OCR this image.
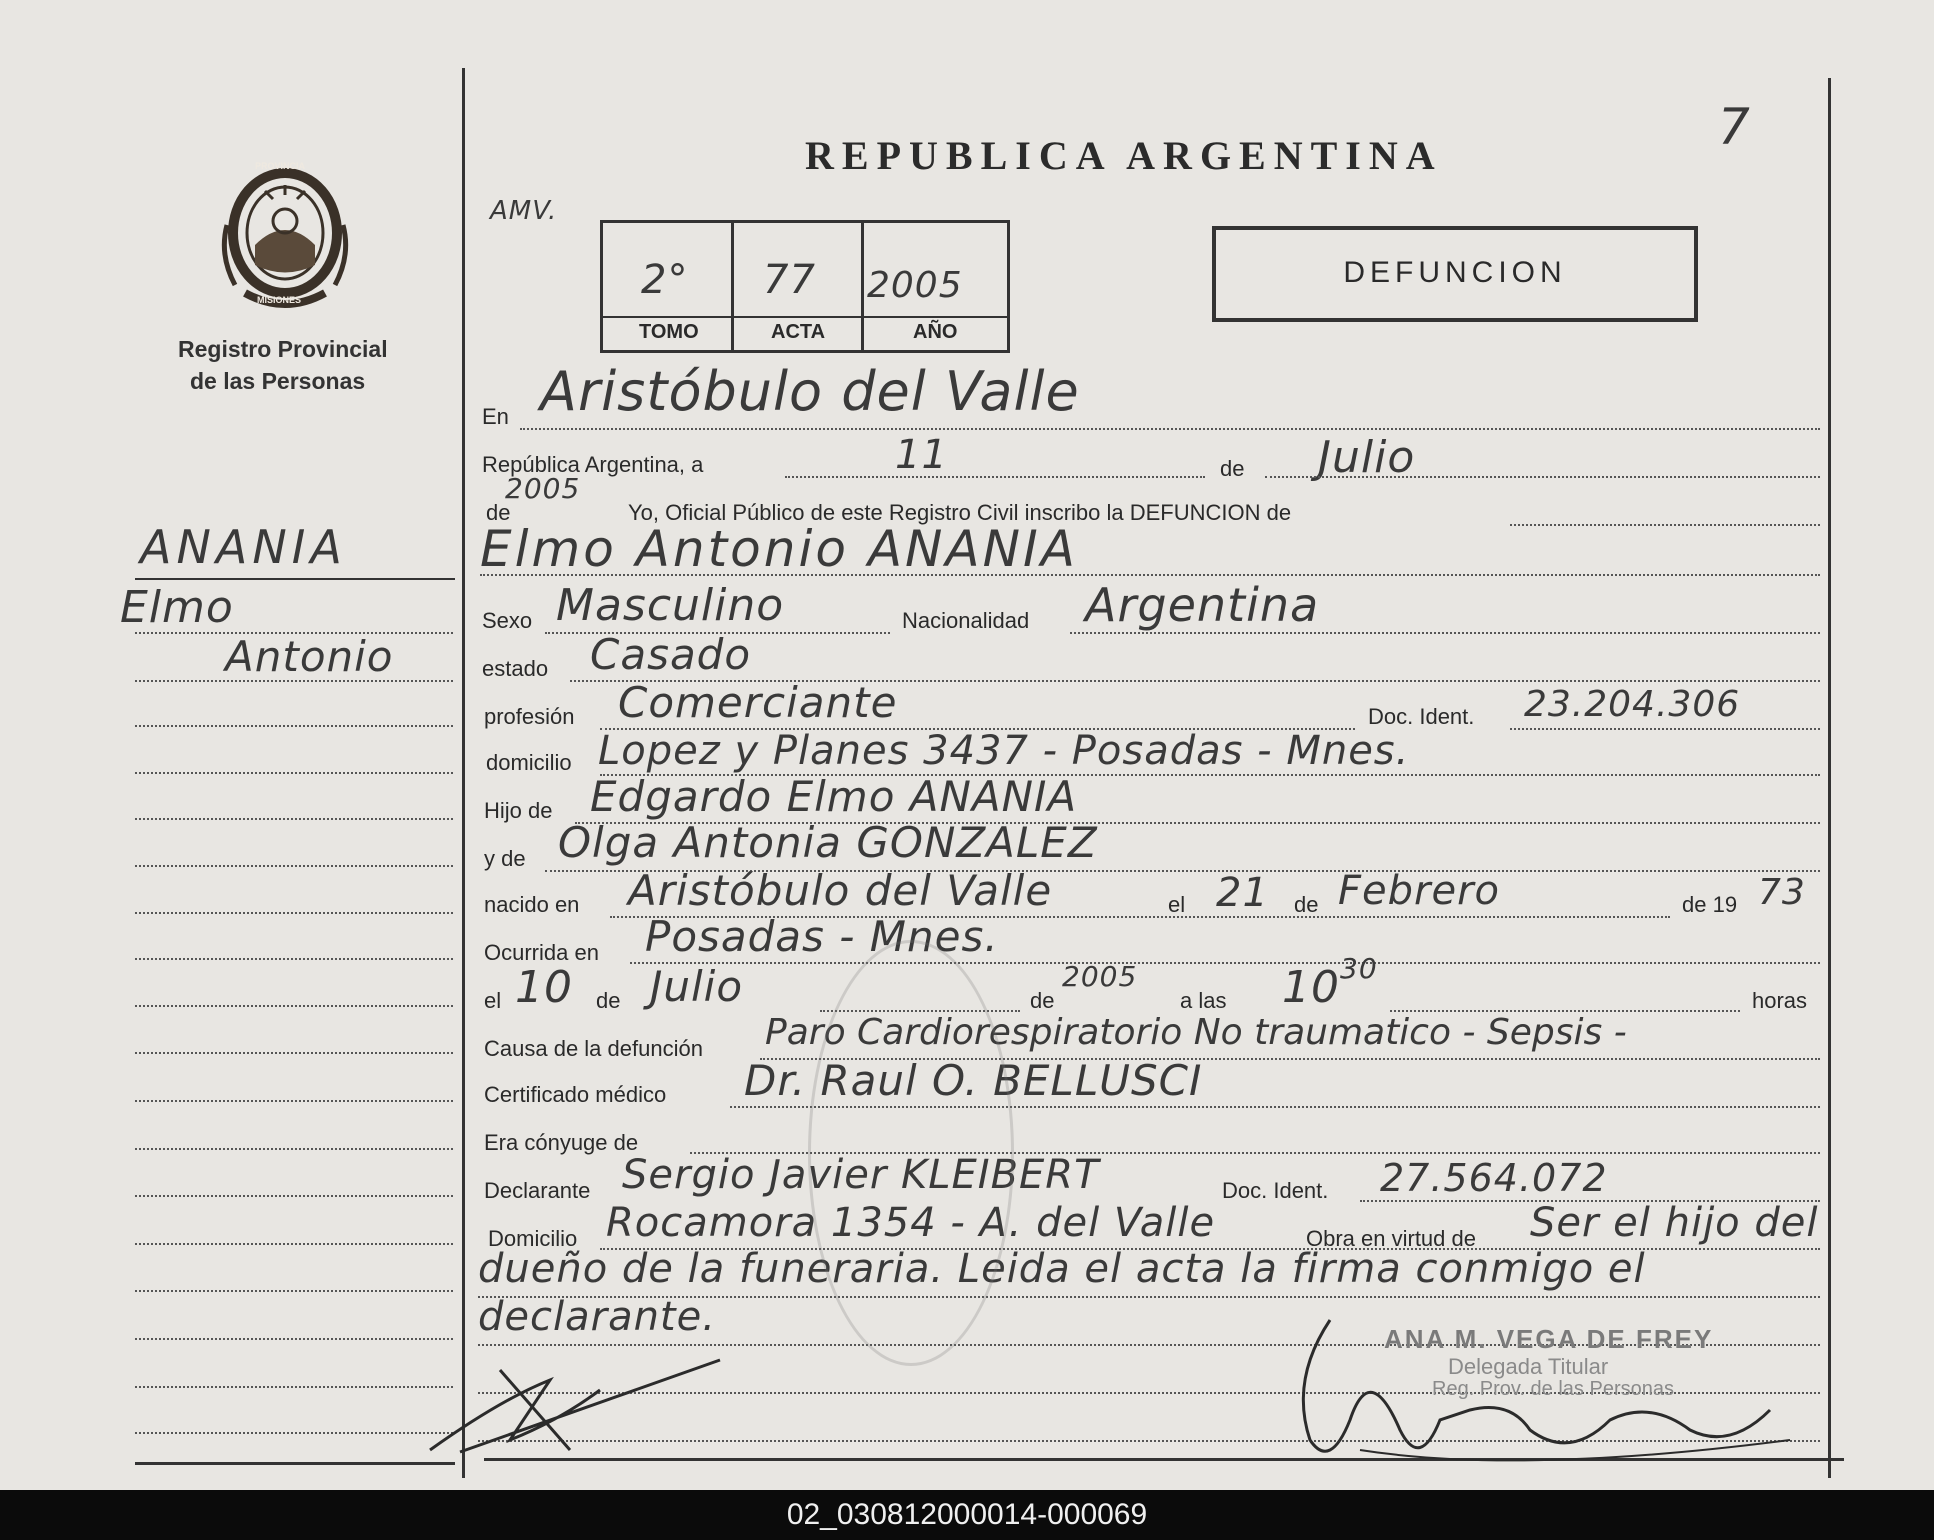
PROVINCIA
MISIONES
Registro Provincial
de las Personas
REPUBLICA ARGENTINA	7
AMV.
2° 77 2005
TOMO	ACTA	AÑO
DEFUNCION
ANANIA
Elmo
Antonio
En Aristóbulo del Valle
República Argentina, a	11	de Julio
de
2005
Yo, Oficial Público de este Registro Civil inscribo la DEFUNCION de
Elmo Antonio ANANIA
Sexo Masculino	Nacionalidad Argentina
estado Casado
profesión Comerciante	Doc. Ident. 23.204.306
domicilio Lopez y Planes 3437 - Posadas - Mnes.
Hijo de Edgardo Elmo ANANIA
y de Olga Antonia GONZALEZ
nacido en Aristóbulo del Valle	el 21 de Febrero	de 19 73
Ocurrida en Posadas - Mnes.
el 10 de Julio	de
2005
a las 10 30
horas
Causa de la defunción Paro Cardiorespiratorio No traumatico - Sepsis -
Certificado médico Dr. Raul O. BELLUSCI
Era cónyuge de
Declarante Sergio Javier KLEIBERT	Doc. Ident. 27.564.072
Domicilio Rocamora 1354 - A. del Valle	Obra en virtud de Ser el hijo del
dueño de la funeraria. Leida el acta la firma conmigo el
declarante.	ANA M. VEGA DE FREY
Delegada Titular
Reg. Prov. de las Personas
02_030812000014-000069
